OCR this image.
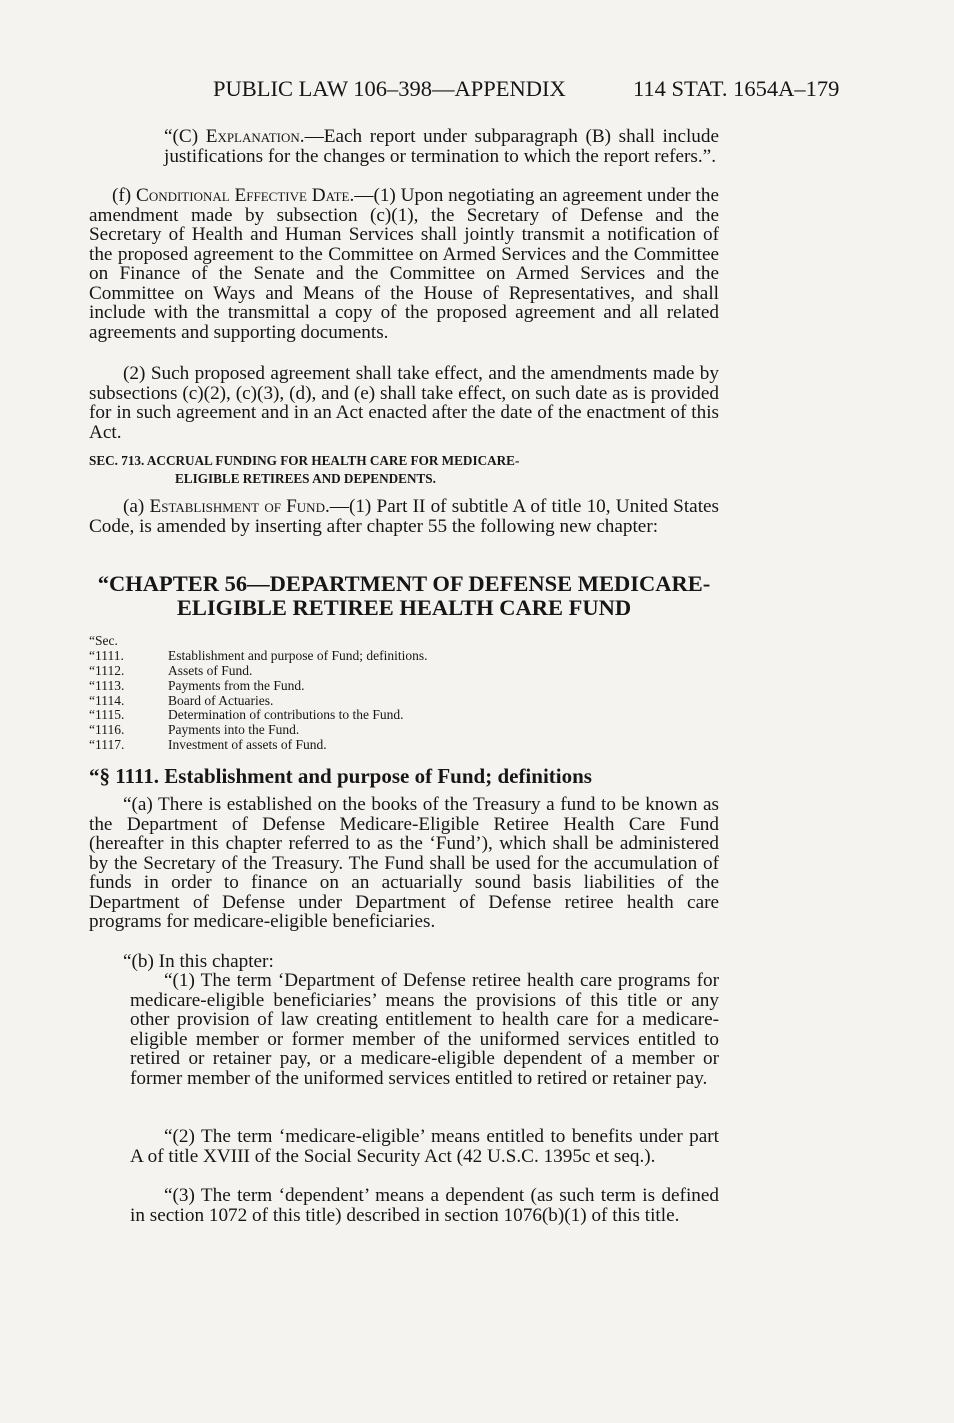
PUBLIC LAW 106–398—APPENDIX	114 STAT. 1654A–179
“(C) Explanation.—Each report under subparagraph (B) shall include justifications for the changes or termination to which the report refers.”.
(f) Conditional Effective Date.—(1) Upon negotiating an agreement under the amendment made by subsection (c)(1), the Secretary of Defense and the Secretary of Health and Human Services shall jointly transmit a notification of the proposed agreement to the Committee on Armed Services and the Committee on Finance of the Senate and the Committee on Armed Services and the Committee on Ways and Means of the House of Representatives, and shall include with the transmittal a copy of the proposed agreement and all related agreements and supporting documents.
(2) Such proposed agreement shall take effect, and the amendments made by subsections (c)(2), (c)(3), (d), and (e) shall take effect, on such date as is provided for in such agreement and in an Act enacted after the date of the enactment of this Act.
SEC. 713. ACCRUAL FUNDING FOR HEALTH CARE FOR MEDICARE-
ELIGIBLE RETIREES AND DEPENDENTS.
(a) Establishment of Fund.—(1) Part II of subtitle A of title 10, United States Code, is amended by inserting after chapter 55 the following new chapter:
“CHAPTER 56—DEPARTMENT OF DEFENSE MEDICARE-
ELIGIBLE RETIREE HEALTH CARE FUND
“Sec.
“1111.	Establishment and purpose of Fund; definitions.
“1112.	Assets of Fund.
“1113.	Payments from the Fund.
“1114.	Board of Actuaries.
“1115.	Determination of contributions to the Fund.
“1116.	Payments into the Fund.
“1117.	Investment of assets of Fund.
“§ 1111. Establishment and purpose of Fund; definitions
“(a) There is established on the books of the Treasury a fund to be known as the Department of Defense Medicare-Eligible Retiree Health Care Fund (hereafter in this chapter referred to as the ‘Fund’), which shall be administered by the Secretary of the Treasury. The Fund shall be used for the accumulation of funds in order to finance on an actuarially sound basis liabilities of the Department of Defense under Department of Defense retiree health care programs for medicare-eligible beneficiaries.
“(b) In this chapter:
“(1) The term ‘Department of Defense retiree health care programs for medicare-eligible beneficiaries’ means the provisions of this title or any other provision of law creating entitlement to health care for a medicare-eligible member or former member of the uniformed services entitled to retired or retainer pay, or a medicare-eligible dependent of a member or former member of the uniformed services entitled to retired or retainer pay.
“(2) The term ‘medicare-eligible’ means entitled to benefits under part A of title XVIII of the Social Security Act (42 U.S.C. 1395c et seq.).
“(3) The term ‘dependent’ means a dependent (as such term is defined in section 1072 of this title) described in section 1076(b)(1) of this title.
